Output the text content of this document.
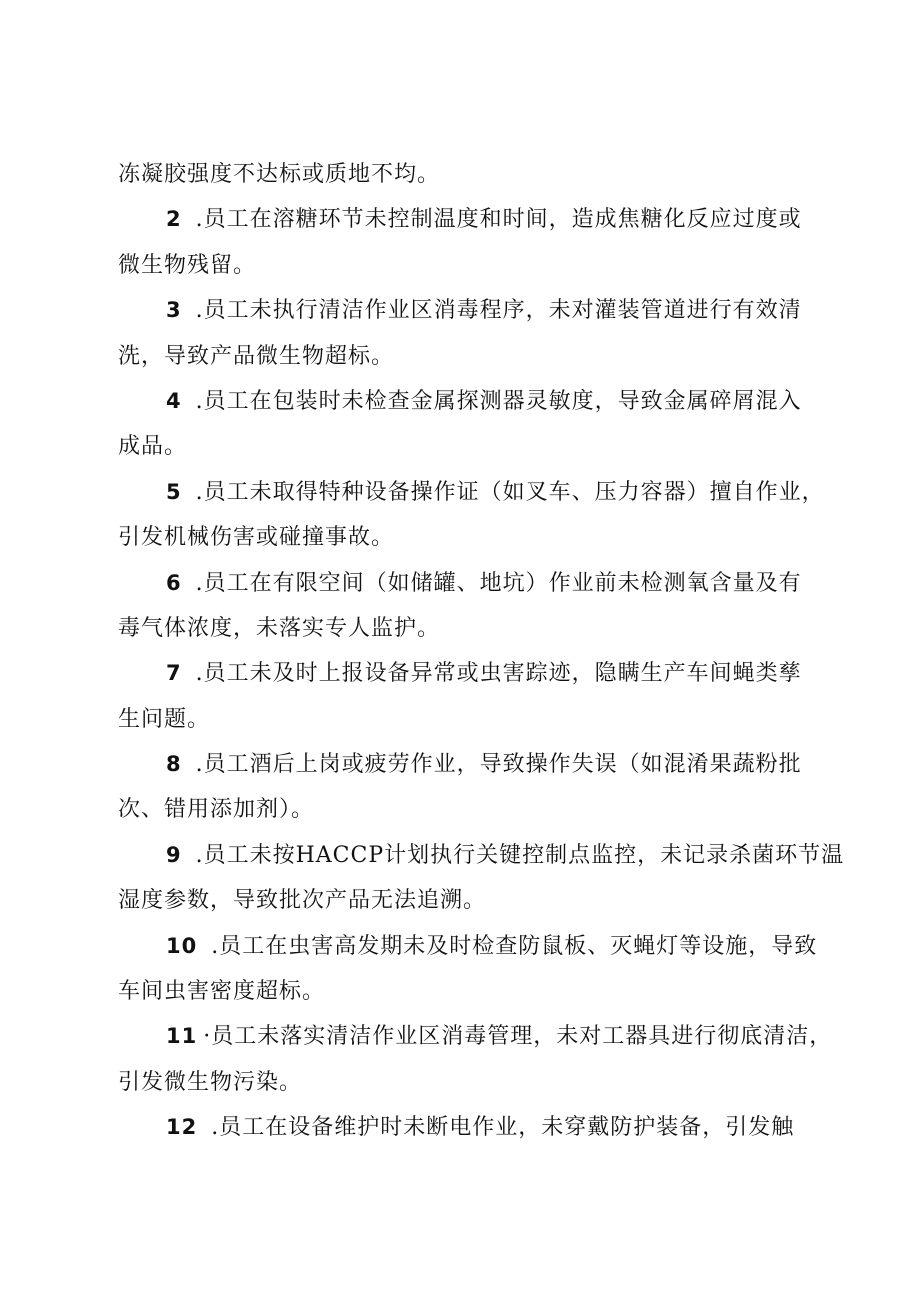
冻凝胶强度不达标或质地不均。
2 .员工在溶糖环节未控制温度和时间，造成焦糖化反应过度或
微生物残留。
3 .员工未执行清洁作业区消毒程序，未对灌装管道进行有效清
洗，导致产品微生物超标。
4 .员工在包装时未检查金属探测器灵敏度，导致金属碎屑混入
成品。
5 .员工未取得特种设备操作证（如叉车、压力容器）擅自作业，
引发机械伤害或碰撞事故。
6 .员工在有限空间（如储罐、地坑）作业前未检测氧含量及有
毒气体浓度，未落实专人监护。
7 .员工未及时上报设备异常或虫害踪迹，隐瞒生产车间蝇类孳
生问题。
8 .员工酒后上岗或疲劳作业，导致操作失误（如混淆果蔬粉批
次、错用添加剂）。
9 .员工未按HACCP计划执行关键控制点监控，未记录杀菌环节温
湿度参数，导致批次产品无法追溯。
10 .员工在虫害高发期未及时检查防鼠板、灭蝇灯等设施，导致
车间虫害密度超标。
11 ·员工未落实清洁作业区消毒管理，未对工器具进行彻底清洁，
引发微生物污染。
12 .员工在设备维护时未断电作业，未穿戴防护装备，引发触
